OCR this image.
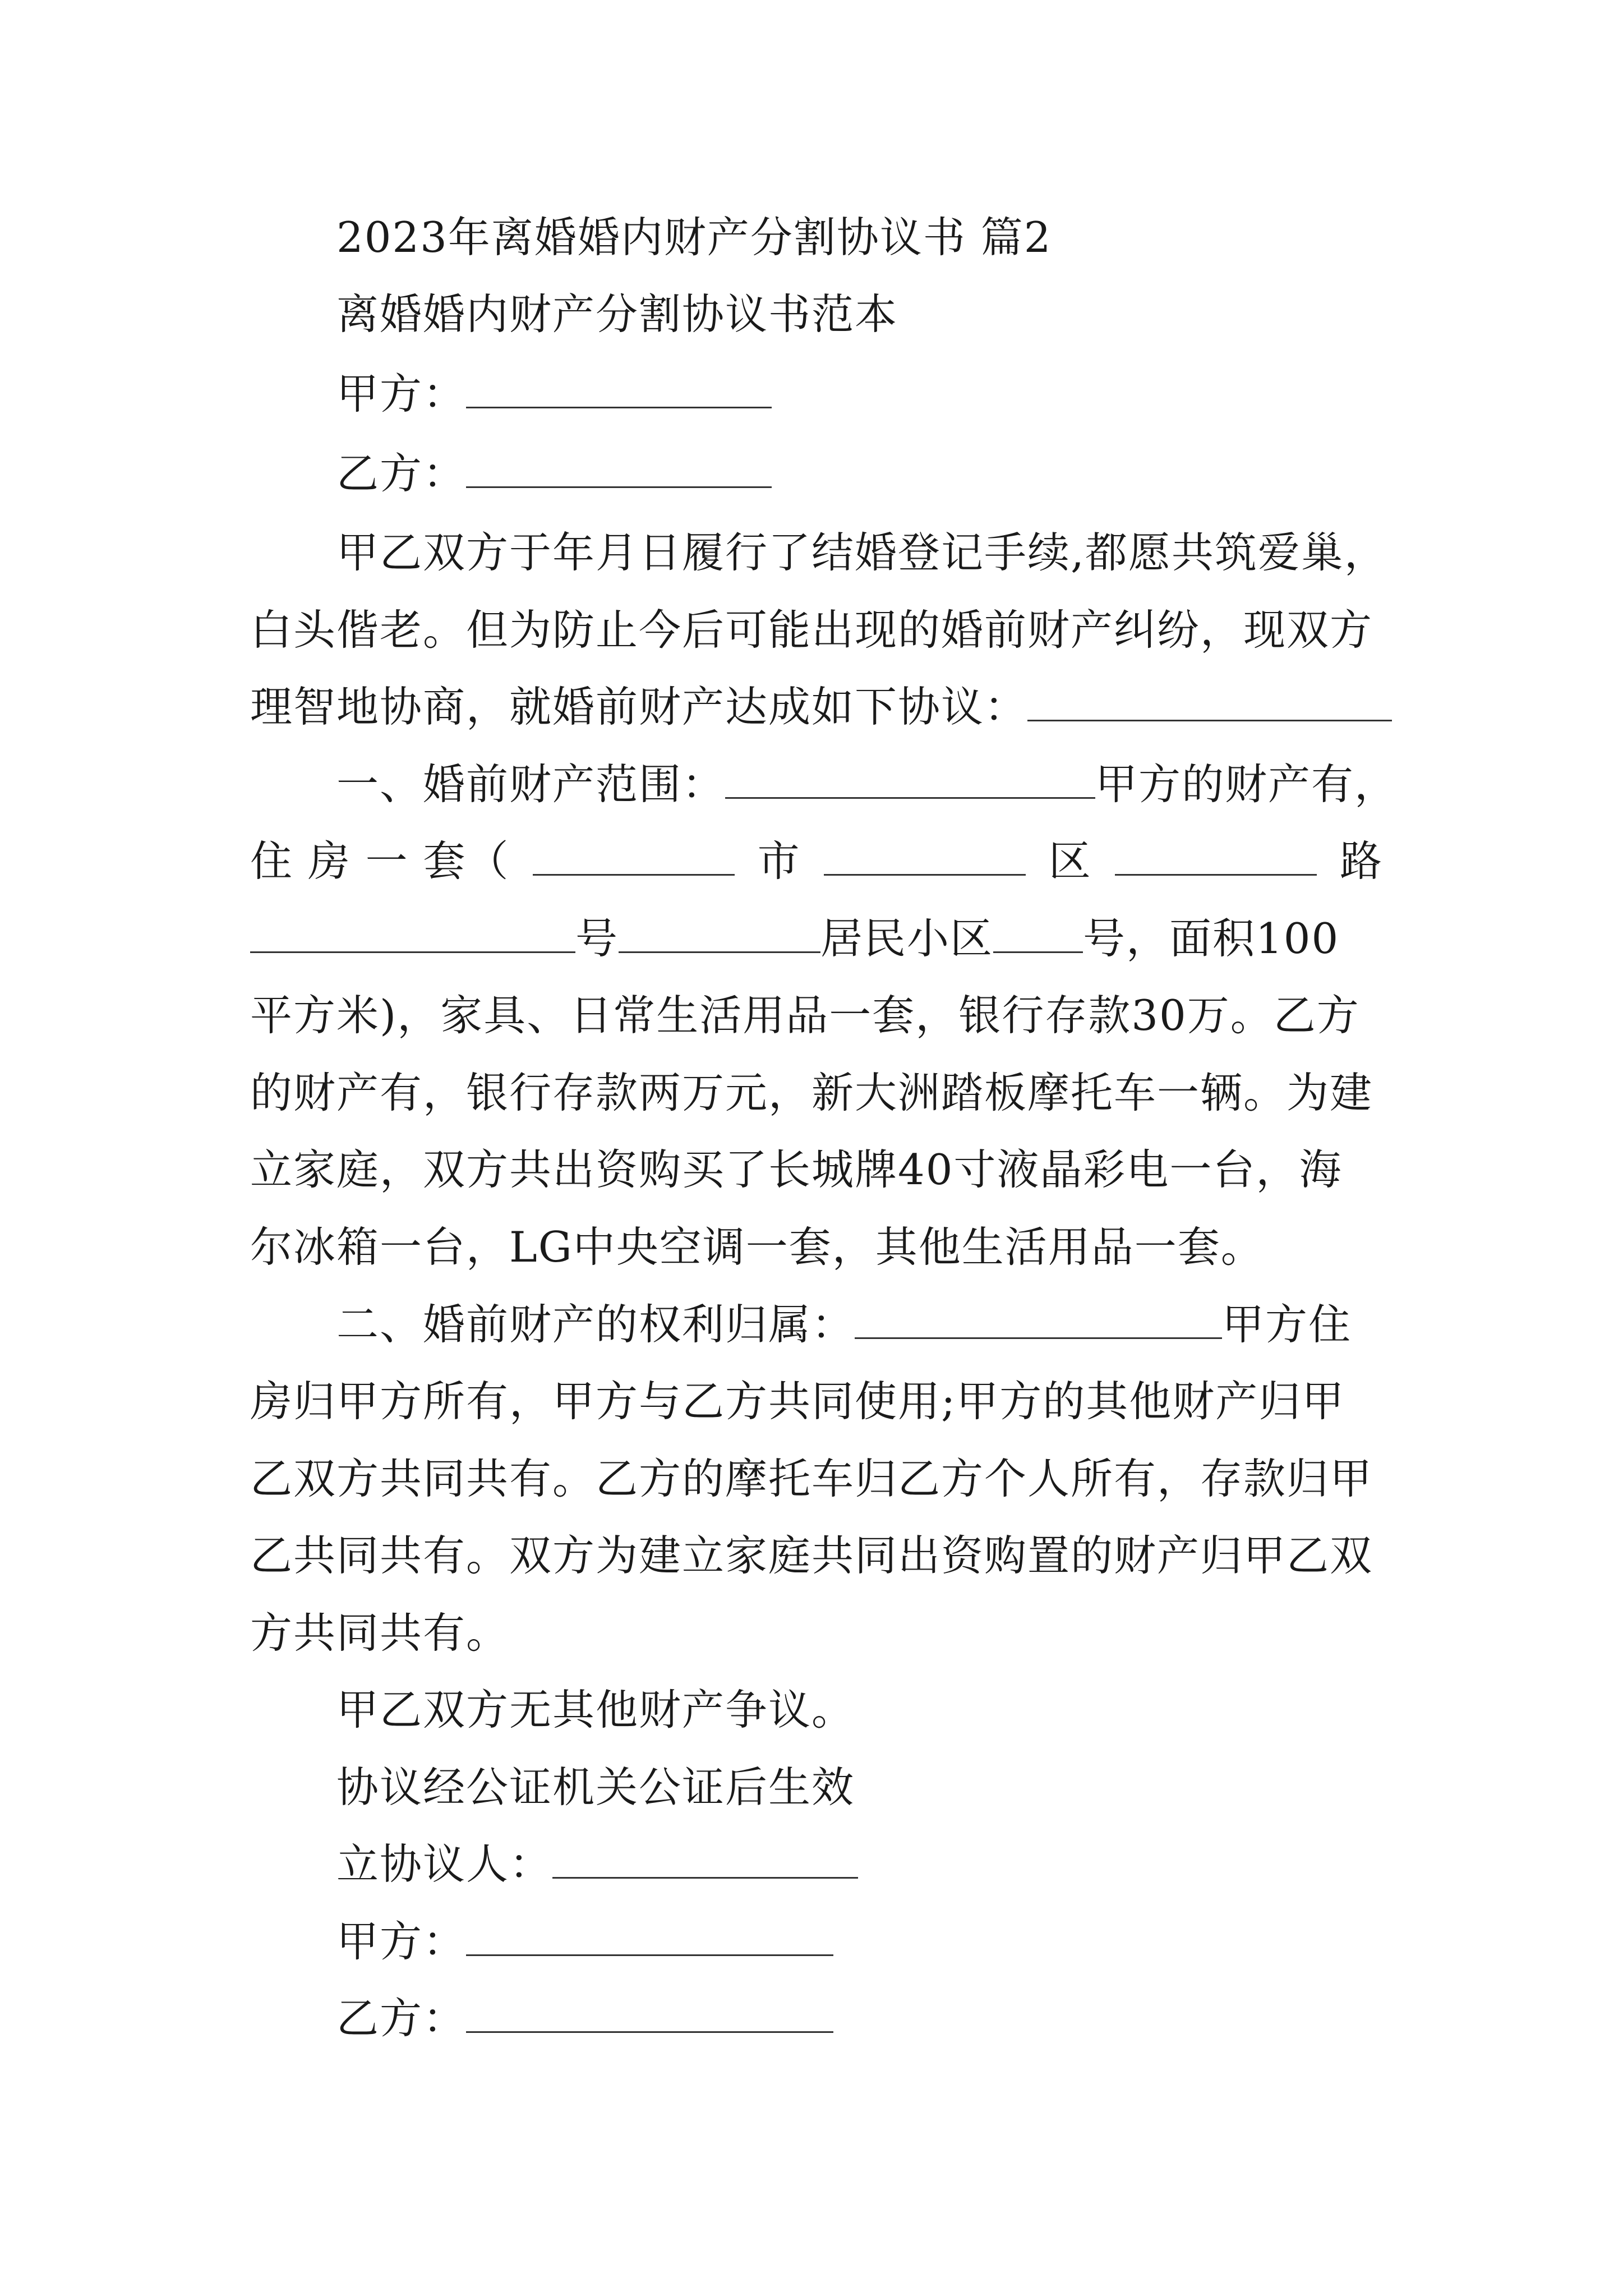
2023年离婚婚内财产分割协议书 篇2
离婚婚内财产分割协议书范本
甲方：
乙方：
甲乙双方于年月日履行了结婚登记手续,都愿共筑爱巢，
白头偕老。但为防止今后可能出现的婚前财产纠纷，现双方
理智地协商，就婚前财产达成如下协议：
一、婚前财产范围：	甲方的财产有，
住 房 一 套（	市	区	路
号	居民小区 号，面积100
平方米)，家具、日常生活用品一套，银行存款30万。乙方
的财产有，银行存款两万元，新大洲踏板摩托车一辆。为建
立家庭，双方共出资购买了长城牌40寸液晶彩电一台，海
尔冰箱一台，LG中央空调一套，其他生活用品一套。
二、婚前财产的权利归属：	甲方住
房归甲方所有，甲方与乙方共同使用;甲方的其他财产归甲
乙双方共同共有。乙方的摩托车归乙方个人所有，存款归甲
乙共同共有。双方为建立家庭共同出资购置的财产归甲乙双
方共同共有。
甲乙双方无其他财产争议。
协议经公证机关公证后生效
立协议人：
甲方：
乙方：
